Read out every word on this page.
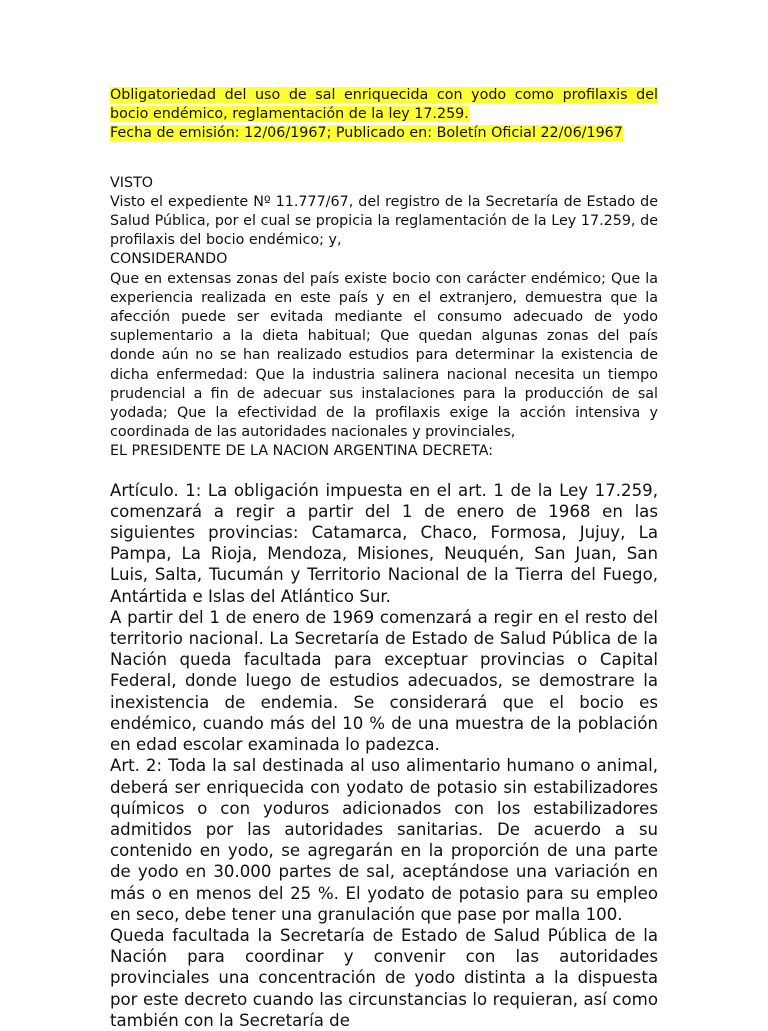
Obligatoriedad del uso de sal enriquecida con yodo como profilaxis del bocio endémico, reglamentación de la ley 17.259.
Fecha de emisión: 12/06/1967; Publicado en: Boletín Oficial 22/06/1967

VISTO

Visto el expediente Nº 11.777/67, del registro de la Secretaría de Estado de Salud Pública, por el cual se propicia la reglamentación de la Ley 17.259, de profilaxis del bocio endémico; y,

CONSIDERANDO

Que en extensas zonas del país existe bocio con carácter endémico; Que la experiencia realizada en este país y en el extranjero, demuestra que la afección puede ser evitada mediante el consumo adecuado de yodo suplementario a la dieta habitual; Que quedan algunas zonas del país donde aún no se han realizado estudios para determinar la existencia de dicha enfermedad: Que la industria salinera nacional necesita un tiempo prudencial a fin de adecuar sus instalaciones para la producción de sal yodada; Que la efectividad de la profilaxis exige la acción intensiva y coordinada de las autoridades nacionales y provinciales,

EL PRESIDENTE DE LA NACION ARGENTINA DECRETA:

Artículo. 1: La obligación impuesta en el art. 1 de la Ley 17.259, comenzará a regir a partir del 1 de enero de 1968 en las siguientes provincias: Catamarca, Chaco, Formosa, Jujuy, La Pampa, La Rioja, Mendoza, Misiones, Neuquén, San Juan, San Luis, Salta, Tucumán y Territorio Nacional de la Tierra del Fuego, Antártida e Islas del Atlántico Sur.

A partir del 1 de enero de 1969 comenzará a regir en el resto del territorio nacional. La Secretaría de Estado de Salud Pública de la Nación queda facultada para exceptuar provincias o Capital Federal, donde luego de estudios adecuados, se demostrare la inexistencia de endemia. Se considerará que el bocio es endémico, cuando más del 10 % de una muestra de la población en edad escolar examinada lo padezca.

Art. 2: Toda la sal destinada al uso alimentario humano o animal, deberá ser enriquecida con yodato de potasio sin estabilizadores químicos o con yoduros adicionados con los estabilizadores admitidos por las autoridades sanitarias. De acuerdo a su contenido en yodo, se agregarán en la proporción de una parte de yodo en 30.000 partes de sal, aceptándose una variación en más o en menos del 25 %. El yodato de potasio para su empleo en seco, debe tener una granulación que pase por malla 100.

Queda facultada la Secretaría de Estado de Salud Pública de la Nación para coordinar y convenir con las autoridades provinciales una concentración de yodo distinta a la dispuesta por este decreto cuando las circunstancias lo requieran, así como también con la Secretaría de
